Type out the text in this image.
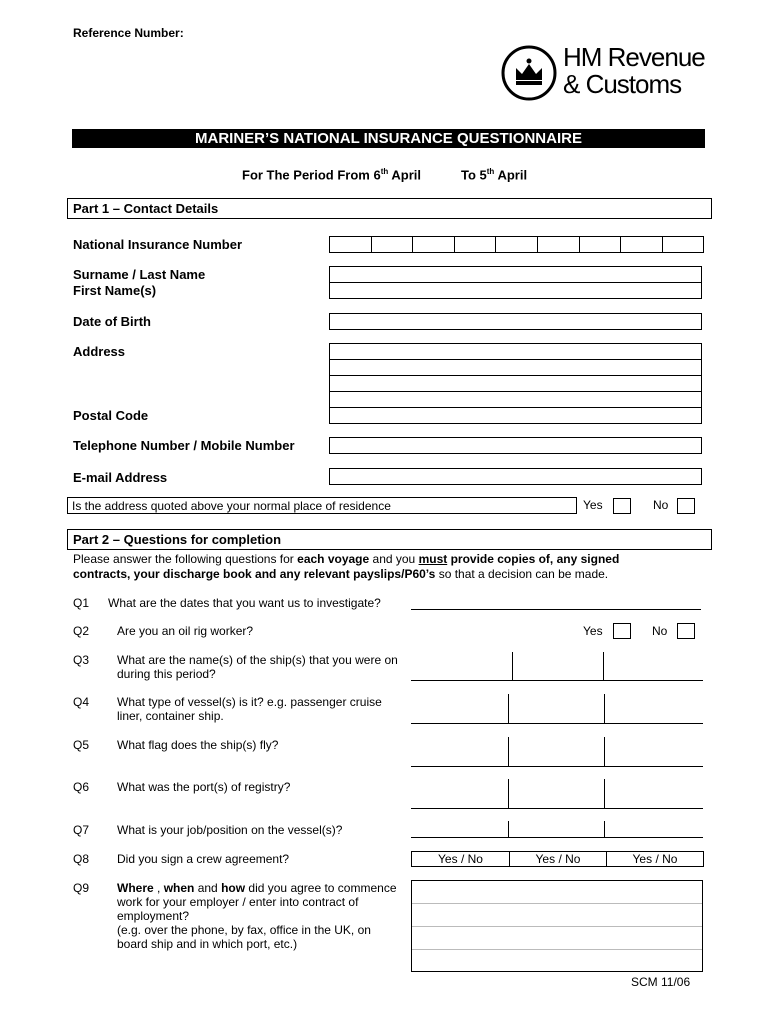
Reference Number:
HM Revenue
& Customs
MARINER’S NATIONAL INSURANCE QUESTIONNAIRE
For The Period From 6th April	To 5th April
Part 1 – Contact Details
National Insurance Number
Surname / Last Name
First Name(s)
Date of Birth
Address
Postal Code
Telephone Number / Mobile Number
E-mail Address
Is the address quoted above your normal place of residence	Yes	No
Part 2 – Questions for completion
Please answer the following questions for each voyage and you must provide copies of, any signed contracts, your discharge book and any relevant payslips/P60’s so that a decision can be made.
Q1 What are the dates that you want us to investigate?
Q2 Are you an oil rig worker?	Yes	No
Q3 What are the name(s) of the ship(s) that you were on during this period?
Q4 What type of vessel(s) is it? e.g. passenger cruise liner, container ship.
Q5 What flag does the ship(s) fly?
Q6 What was the port(s) of registry?
Q7 What is your job/position on the vessel(s)?
Q8 Did you sign a crew agreement?	Yes / No	Yes / No	Yes / No
Q9 Where , when and how did you agree to commence work for your employer / enter into contract of employment?
(e.g. over the phone, by fax, office in the UK, on board ship and in which port, etc.)
SCM 11/06
